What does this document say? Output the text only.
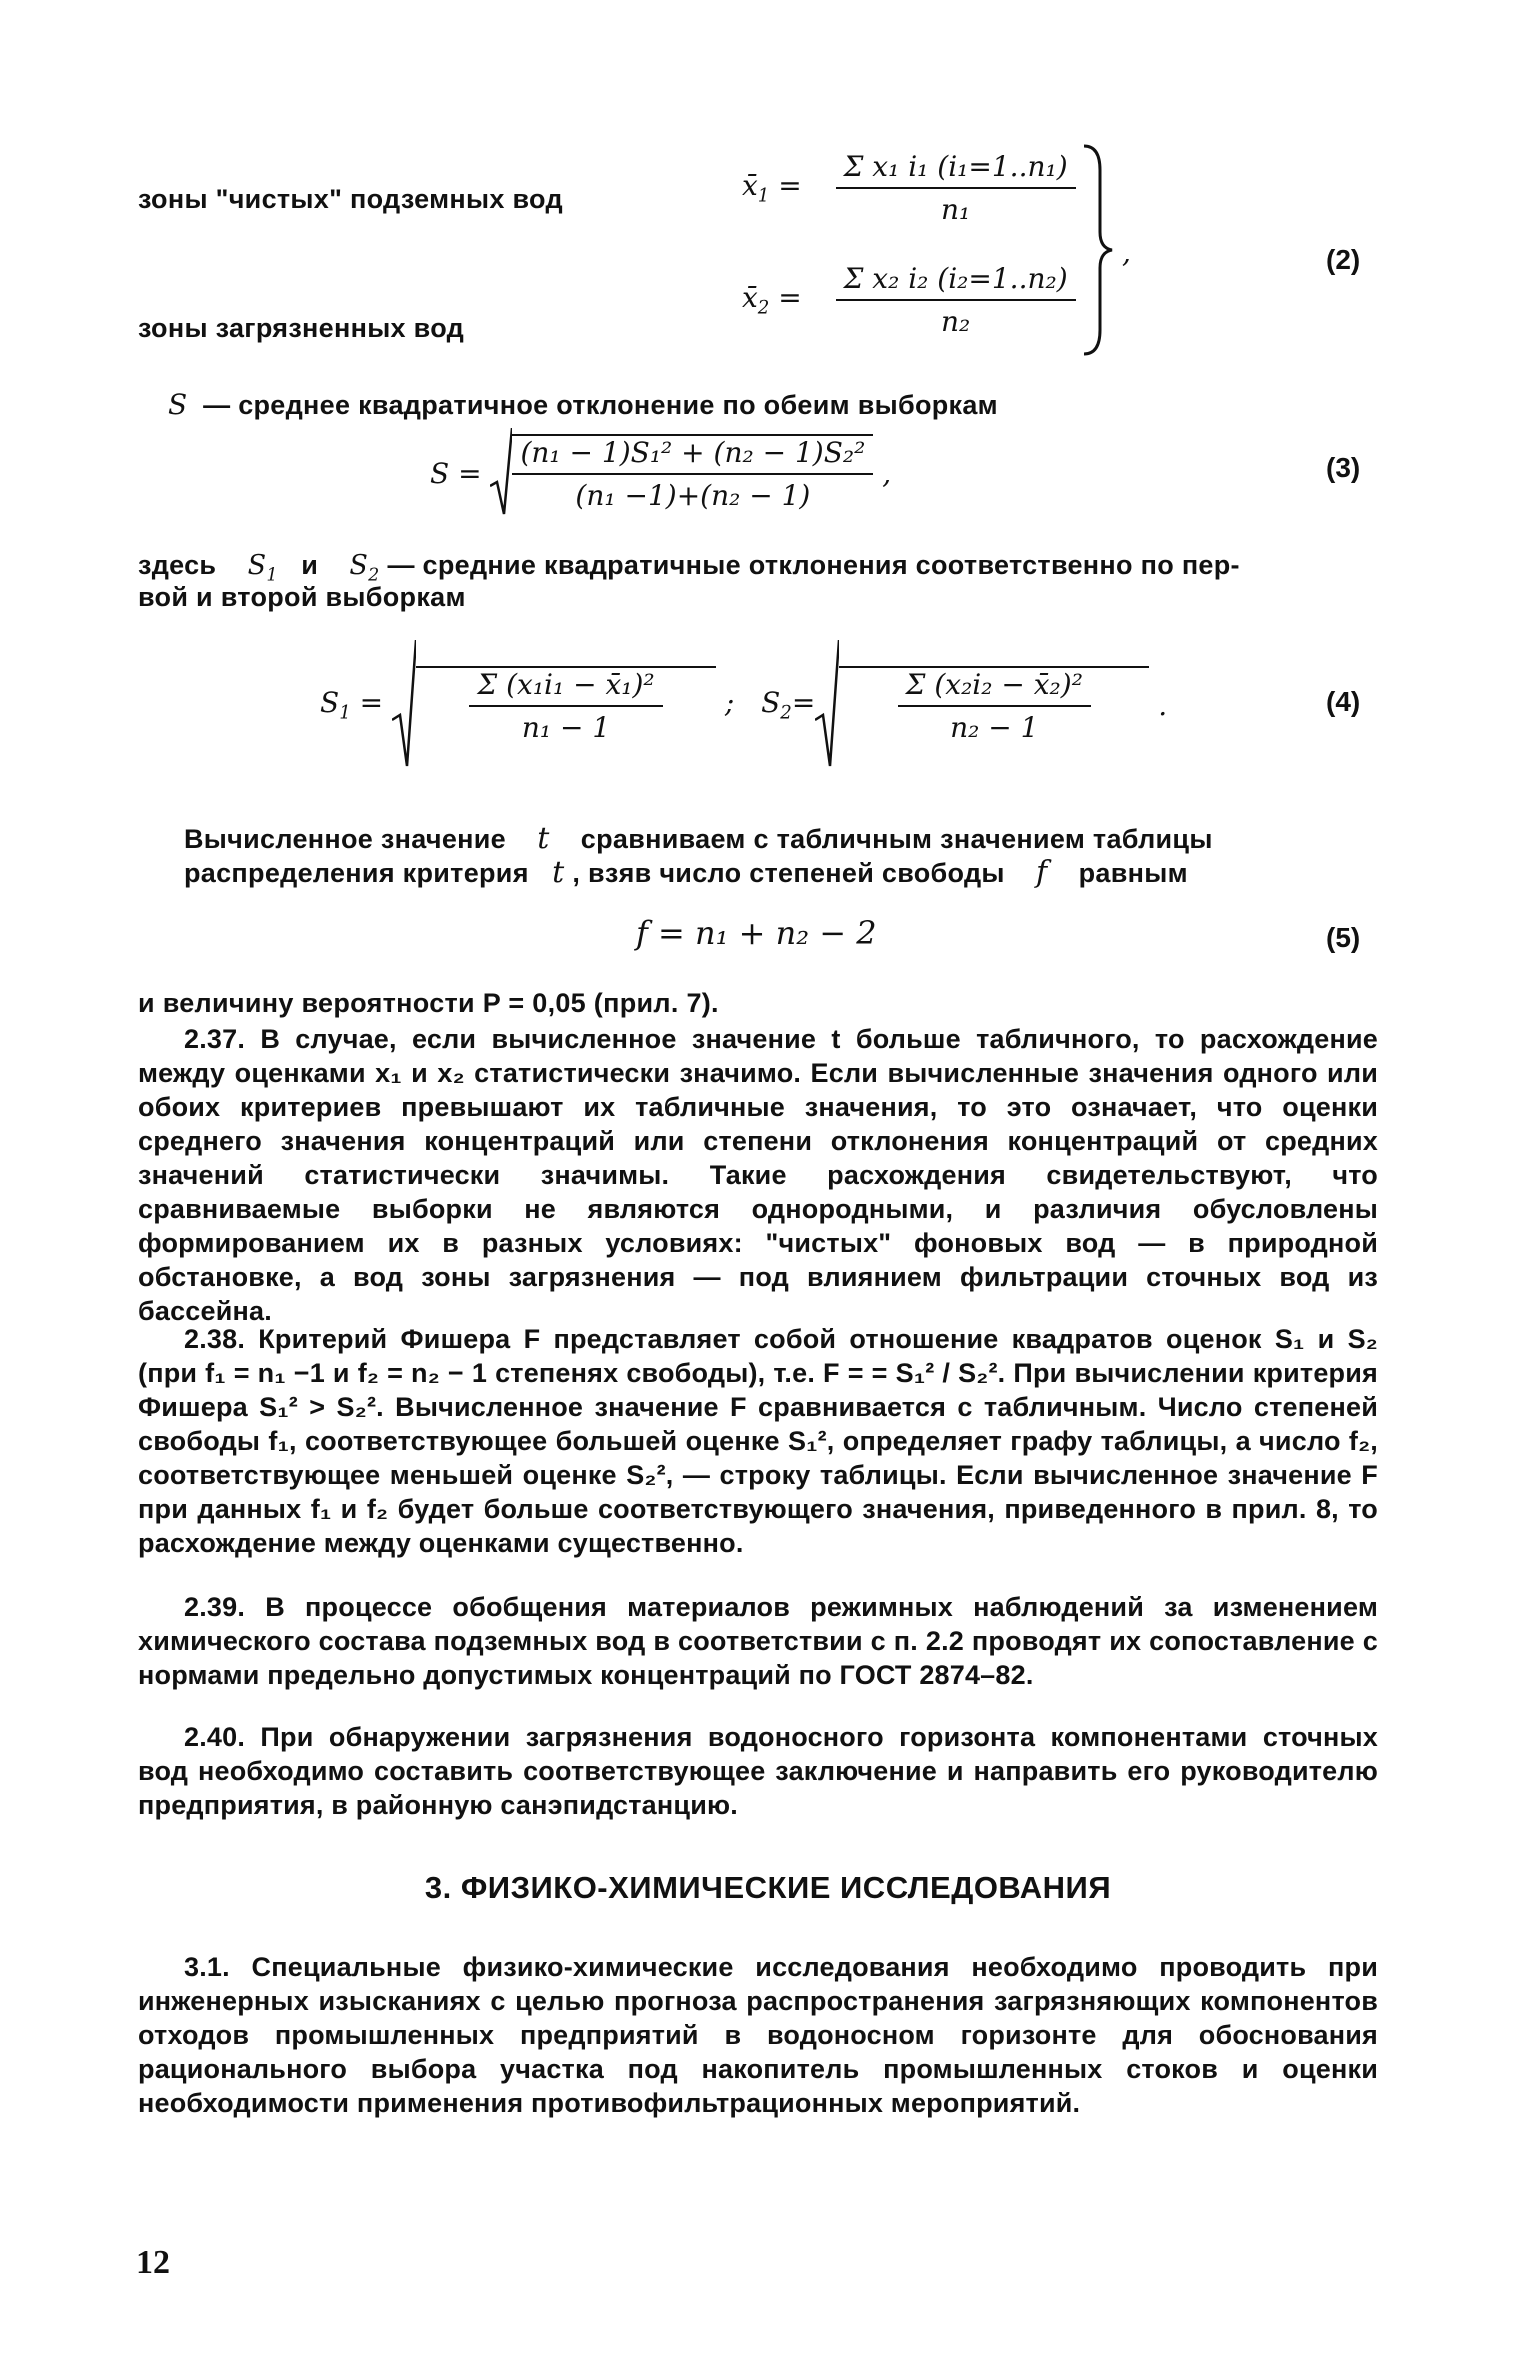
зоны "чистых" подземных вод
зоны загрязненных вод
$x̄_1 = \frac{\text{Σ x₁ i₁ (i₁=1..n₁)}}{\text{n₁}}$
$x̄_2 = \frac{\text{Σ x₂ i₂ (i₂=1..n₂)}}{\text{n₂}}$
,	(2)
S — среднее квадратичное отклонение по обеим выборкам
$S = \frac{\text{(n₁ − 1)S₁² + (n₂ − 1)S₂²}}{\text{(n₁ −1)+(n₂ − 1)}}$ ,	(3)
здесь $S_1$ и $S_2$ — средние квадратичные отклонения соответственно по пер-
вой и второй выборкам
$S_1 = \frac{\text{Σ (x₁i₁ − x̄₁)²}}{\text{n₁ − 1}}$ ;   $S_2= \frac{\text{Σ (x₂i₂ − x̄₂)²}}{\text{n₂ − 1}}$ .	(4)
Вычисленное значение t сравниваем с табличным значением таблицы
распределения критерия t , взяв число степеней свободы f равным
f = n₁ + n₂ − 2	(5)
и величину вероятности P = 0,05 (прил. 7).
2.37. В случае, если вычисленное значение t больше табличного, то расхождение между оценками x₁ и x₂ статистически значимо. Если вычисленные значения одного или обоих критериев превышают их табличные значения, то это означает, что оценки среднего значения концентраций или степени отклонения концентраций от средних значений статистически значимы. Такие расхождения свидетельствуют, что сравниваемые выборки не являются однородными, и различия обусловлены формированием их в разных условиях: "чистых" фоновых вод — в природной обстановке, а вод зоны загрязнения — под влиянием фильтрации сточных вод из бассейна.
2.38. Критерий Фишера F представляет собой отношение квадратов оценок S₁ и S₂ (при f₁ = n₁ −1 и f₂ = n₂ − 1 степенях свободы), т.е. F = = S₁² / S₂². При вычислении критерия Фишера S₁² > S₂². Вычисленное значение F сравнивается с табличным. Число степеней свободы f₁, соответствующее большей оценке S₁², определяет графу таблицы, а число f₂, соответствующее меньшей оценке S₂², — строку таблицы. Если вычисленное значение F при данных f₁ и f₂ будет больше соответствующего значения, приведенного в прил. 8, то расхождение между оценками существенно.
2.39. В процессе обобщения материалов режимных наблюдений за изменением химического состава подземных вод в соответствии с п. 2.2 проводят их сопоставление с нормами предельно допустимых концентраций по ГОСТ 2874–82.
2.40. При обнаружении загрязнения водоносного горизонта компонентами сточных вод необходимо составить соответствующее заключение и направить его руководителю предприятия, в районную санэпидстанцию.
3. ФИЗИКО-ХИМИЧЕСКИЕ ИССЛЕДОВАНИЯ
3.1. Специальные физико-химические исследования необходимо проводить при инженерных изысканиях с целью прогноза распространения загрязняющих компонентов отходов промышленных предприятий в водоносном горизонте для обоснования рационального выбора участка под накопитель промышленных стоков и оценки необходимости применения противофильтрационных мероприятий.
12
